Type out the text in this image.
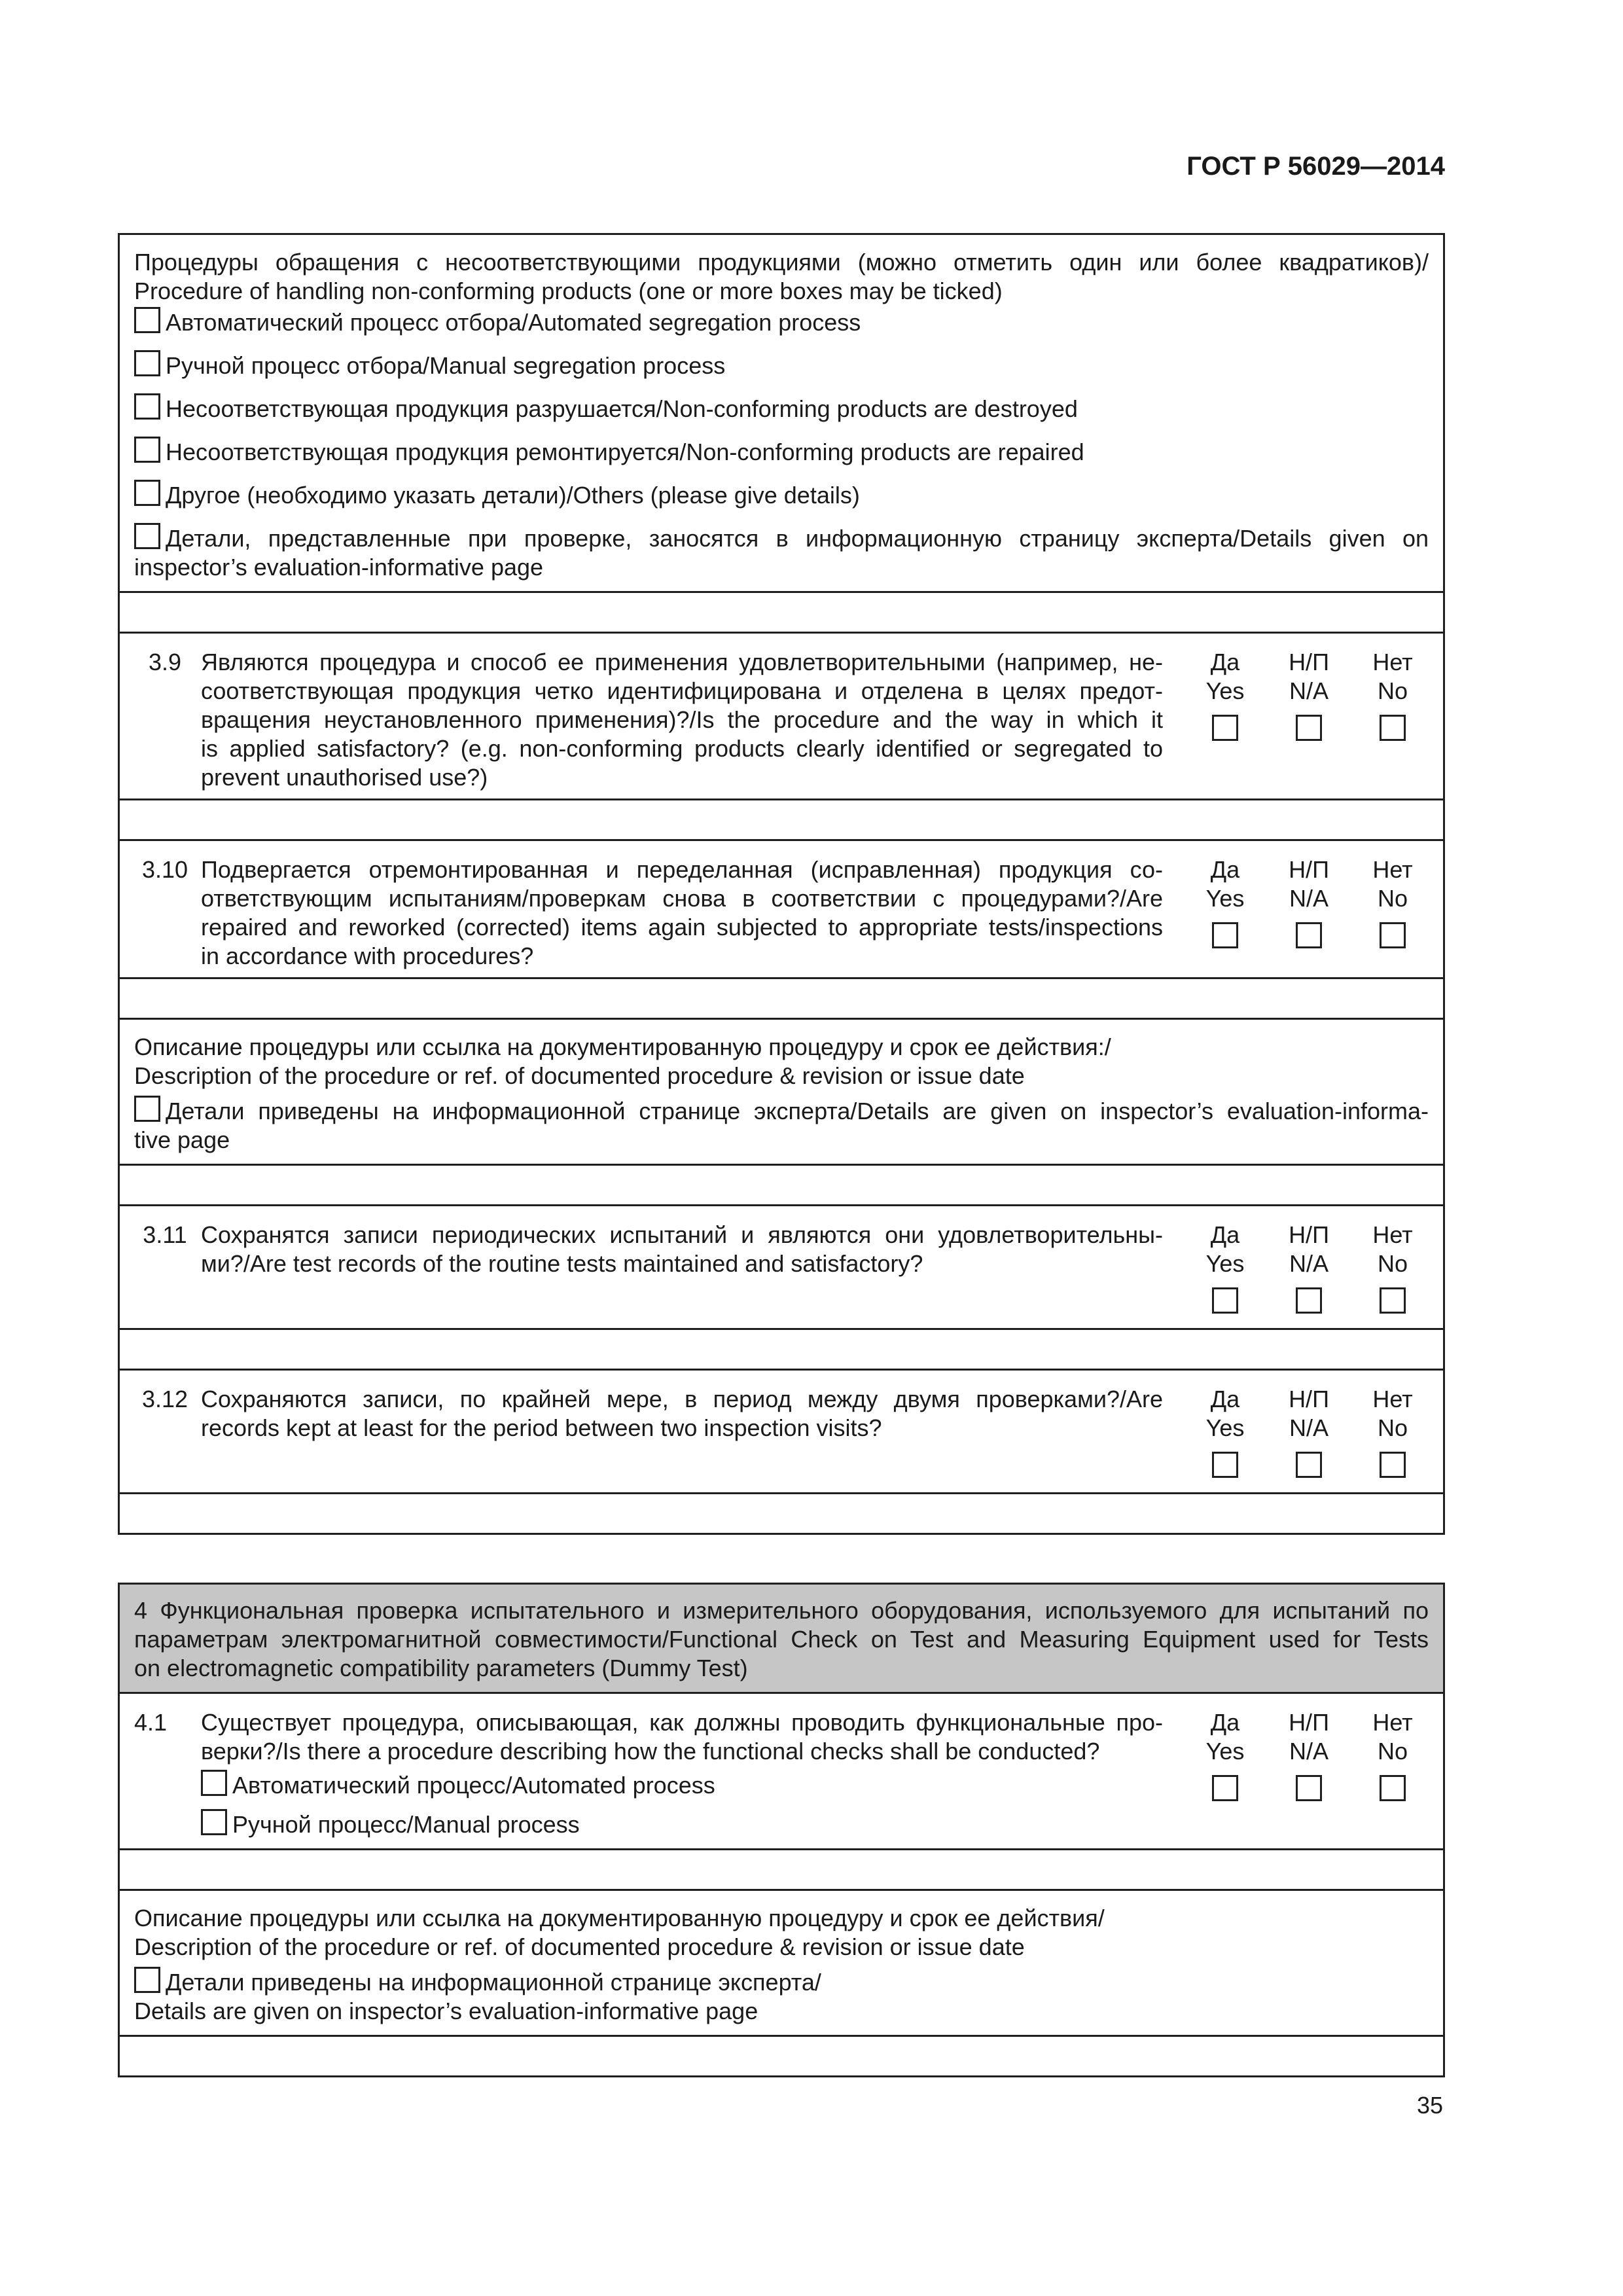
ГОСТ Р 56029—2014
Процедуры обращения с несоответствующими продукциями (можно отметить один или более квадратиков)/
Procedure of handling non-conforming products (one or more boxes may be ticked)
Автоматический процесс отбора/Automated segregation process
Ручной процесс отбора/Manual segregation process
Несоответствующая продукция разрушается/Non-conforming products are destroyed
Несоответствующая продукция ремонтируется/Non-conforming products are repaired
Другое (необходимо указать детали)/Others (please give details)
Детали, представленные при проверке, заносятся в информационную страницу эксперта/Details given on
inspector’s evaluation-informative page
3.9 Являются процедура и способ ее применения удовлетворительными (например, не-
соответствующая продукция четко идентифицирована и отделена в целях предот-
вращения неустановленного применения)?/Is the procedure and the way in which it
is applied satisfactory? (e.g. non-conforming products clearly identified or segregated to
prevent unauthorised use?)
Да
Yes
Н/П
N/A
Нет
No
3.10 Подвергается отремонтированная и переделанная (исправленная) продукция со-
ответствующим испытаниям/проверкам снова в соответствии с процедурами?/Are
repaired and reworked (corrected) items again subjected to appropriate tests/inspections
in accordance with procedures?
Да
Yes
Н/П
N/A
Нет
No
Описание процедуры или ссылка на документированную процедуру и срок ее действия:/
Description of the procedure or ref. of documented procedure & revision or issue date
Детали приведены на информационной странице эксперта/Details are given on inspector’s evaluation-informa-
tive page
3.11 Сохранятся записи периодических испытаний и являются они удовлетворительны-
ми?/Are test records of the routine tests maintained and satisfactory?
Да
Yes
Н/П
N/A
Нет
No
3.12 Сохраняются записи, по крайней мере, в период между двумя проверками?/Are
records kept at least for the period between two inspection visits?
Да
Yes
Н/П
N/A
Нет
No
4 Функциональная проверка испытательного и измерительного оборудования, используемого для испытаний по
параметрам электромагнитной совместимости/Functional Check on Test and Measuring Equipment used for Tests
on electromagnetic compatibility parameters (Dummy Test)
4.1	Существует процедура, описывающая, как должны проводить функциональные про-
верки?/Is there a procedure describing how the functional checks shall be conducted?
Автоматический процесс/Automated process
Ручной процесс/Manual process
Да
Yes
Н/П
N/A
Нет
No
Описание процедуры или ссылка на документированную процедуру и срок ее действия/
Description of the procedure or ref. of documented procedure & revision or issue date
Детали приведены на информационной странице эксперта/
Details are given on inspector’s evaluation-informative page
35
